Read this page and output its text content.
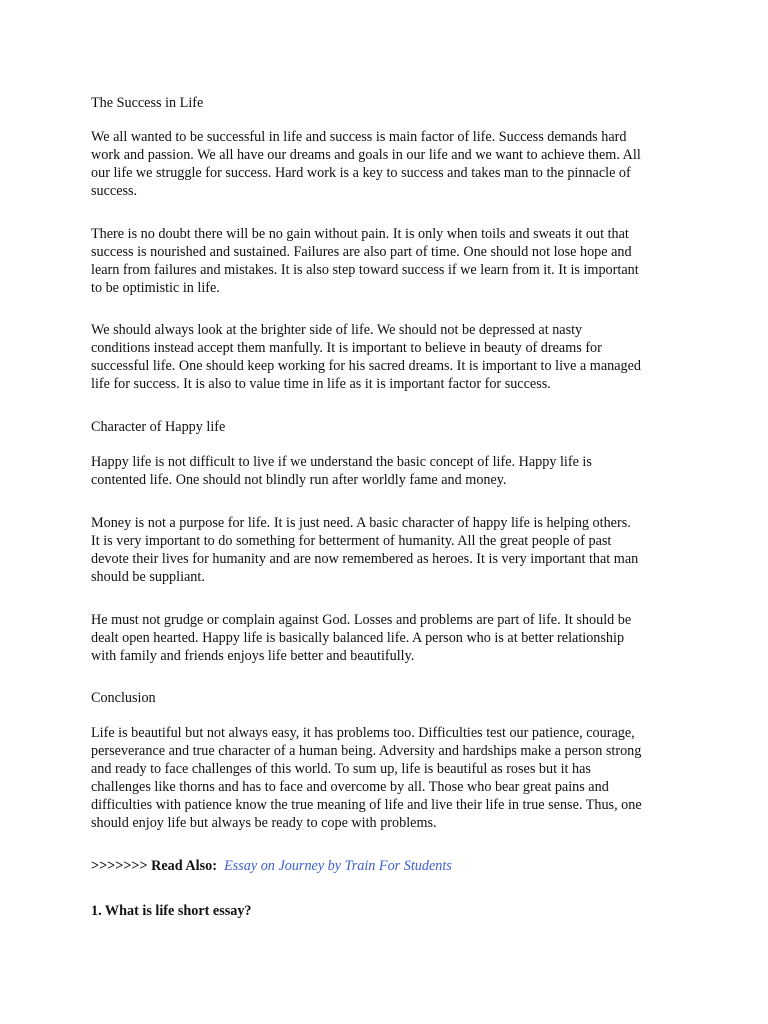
The Success in Life

We all wanted to be successful in life and success is main factor of life. Success demands hard

work and passion. We all have our dreams and goals in our life and we want to achieve them. All

our life we struggle for success. Hard work is a key to success and takes man to the pinnacle of

success.

There is no doubt there will be no gain without pain. It is only when toils and sweats it out that

success is nourished and sustained. Failures are also part of time. One should not lose hope and

learn from failures and mistakes. It is also step toward success if we learn from it. It is important

to be optimistic in life.

We should always look at the brighter side of life. We should not be depressed at nasty

conditions instead accept them manfully. It is important to believe in beauty of dreams for

successful life. One should keep working for his sacred dreams. It is important to live a managed

life for success. It is also to value time in life as it is important factor for success.

Character of Happy life

Happy life is not difficult to live if we understand the basic concept of life. Happy life is

contented life. One should not blindly run after worldly fame and money.

Money is not a purpose for life. It is just need. A basic character of happy life is helping others.

It is very important to do something for betterment of humanity. All the great people of past

devote their lives for humanity and are now remembered as heroes. It is very important that man

should be suppliant.

He must not grudge or complain against God. Losses and problems are part of life. It should be

dealt open hearted. Happy life is basically balanced life. A person who is at better relationship

with family and friends enjoys life better and beautifully.

Conclusion

Life is beautiful but not always easy, it has problems too. Difficulties test our patience, courage,

perseverance and true character of a human being. Adversity and hardships make a person strong

and ready to face challenges of this world. To sum up, life is beautiful as roses but it has

challenges like thorns and has to face and overcome by all. Those who bear great pains and

difficulties with patience know the true meaning of life and live their life in true sense. Thus, one

should enjoy life but always be ready to cope with problems.

>>>>>>> Read Also: Essay on Journey by Train For Students

1. What is life short essay?
